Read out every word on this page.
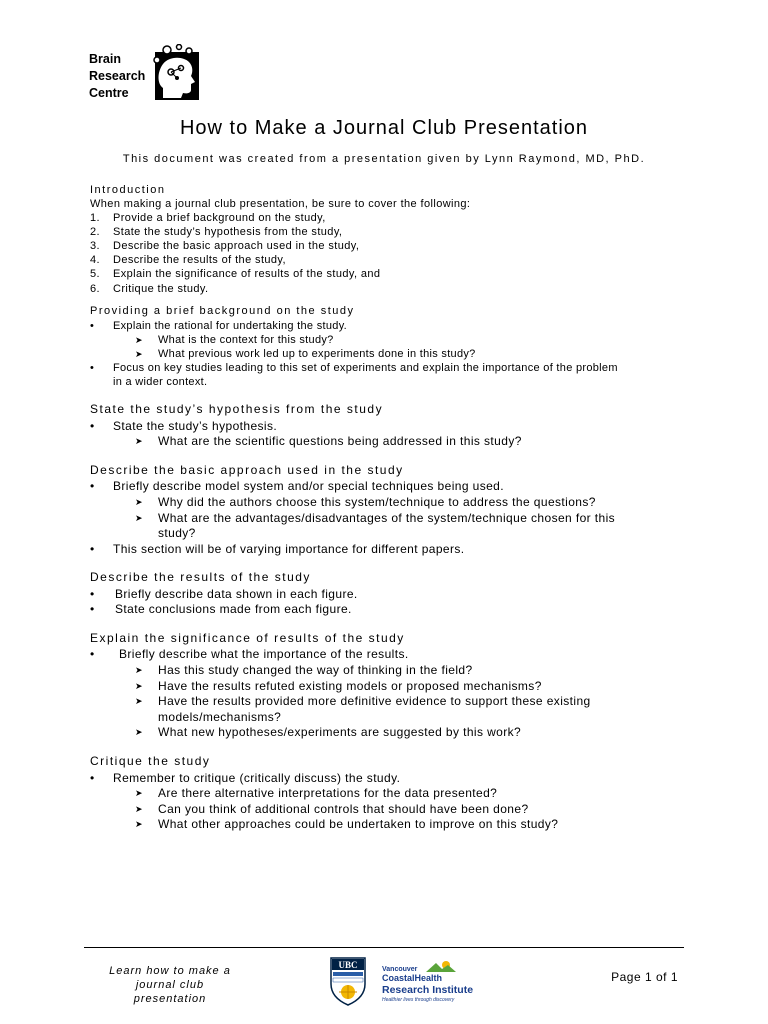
Brain
Research
Centre
How to Make a Journal Club Presentation
This document was created from a presentation given by Lynn Raymond, MD, PhD.
Introduction
When making a journal club presentation, be sure to cover the following:
1. Provide a brief background on the study,
2. State the study’s hypothesis from the study,
3. Describe the basic approach used in the study,
4. Describe the results of the study,
5. Explain the significance of results of the study, and
6. Critique the study.
Providing a brief background on the study
• Explain the rational for undertaking the study.
➤ What is the context for this study?
➤ What previous work led up to experiments done in this study?
• Focus on key studies leading to this set of experiments and explain the importance of the problem
in a wider context.
State the study’s hypothesis from the study
• State the study’s hypothesis.
➤ What are the scientific questions being addressed in this study?
Describe the basic approach used in the study
• Briefly describe model system and/or special techniques being used.
➤ Why did the authors choose this system/technique to address the questions?
➤ What are the advantages/disadvantages of the system/technique chosen for this
study?
• This section will be of varying importance for different papers.
Describe the results of the study
• Briefly describe data shown in each figure.
• State conclusions made from each figure.
Explain the significance of results of the study
• Briefly describe what the importance of the results.
➤ Has this study changed the way of thinking in the field?
➤ Have the results refuted existing models or proposed mechanisms?
➤ Have the results provided more definitive evidence to support these existing
models/mechanisms?
➤ What new hypotheses/experiments are suggested by this work?
Critique the study
• Remember to critique (critically discuss) the study.
➤ Are there alternative interpretations for the data presented?
➤ Can you think of additional controls that should have been done?
➤ What other approaches could be undertaken to improve on this study?
Learn how to make a journal club
presentation
UBC	Vancouver
CoastalHealth
Research Institute
Healthier lives through discovery
Page 1 of 1
